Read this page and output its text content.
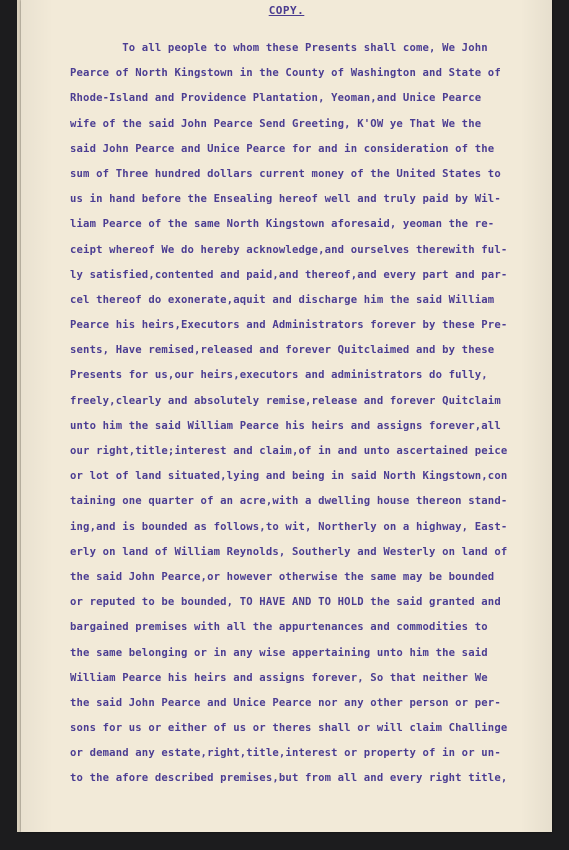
COPY.
To all people to whom these Presents shall come, We John
Pearce of North Kingstown in the County of Washington and State of
Rhode-Island and Providence Plantation, Yeoman,and Unice Pearce
wife of the said John Pearce Send Greeting, K'OW ye That We the
said John Pearce and Unice Pearce for and in consideration of the
sum of Three hundred dollars current money of the United States to
us in hand before the Ensealing hereof well and truly paid by Wil-
liam Pearce of the same North Kingstown aforesaid, yeoman the re-
ceipt whereof We do hereby acknowledge,and ourselves therewith ful-
ly satisfied,contented and paid,and thereof,and every part and par-
cel thereof do exonerate,aquit and discharge him the said William
Pearce his heirs,Executors and Administrators forever by these Pre-
sents, Have remised,released and forever Quitclaimed and by these
Presents for us,our heirs,executors and administrators do fully,
freely,clearly and absolutely remise,release and forever Quitclaim
unto him the said William Pearce his heirs and assigns forever,all
our right,title;interest and claim,of in and unto ascertained peice
or lot of land situated,lying and being in said North Kingstown,con
taining one quarter of an acre,with a dwelling house thereon stand-
ing,and is bounded as follows,to wit, Northerly on a highway, East-
erly on land of William Reynolds, Southerly and Westerly on land of
the said John Pearce,or however otherwise the same may be bounded
or reputed to be bounded, TO HAVE AND TO HOLD the said granted and
bargained premises with all the appurtenances and commodities to
the same belonging or in any wise appertaining unto him the said
William Pearce his heirs and assigns forever, So that neither We
the said John Pearce and Unice Pearce nor any other person or per-
sons for us or either of us or theres shall or will claim Challinge
or demand any estate,right,title,interest or property of in or un-
to the afore described premises,but from all and every right title,
